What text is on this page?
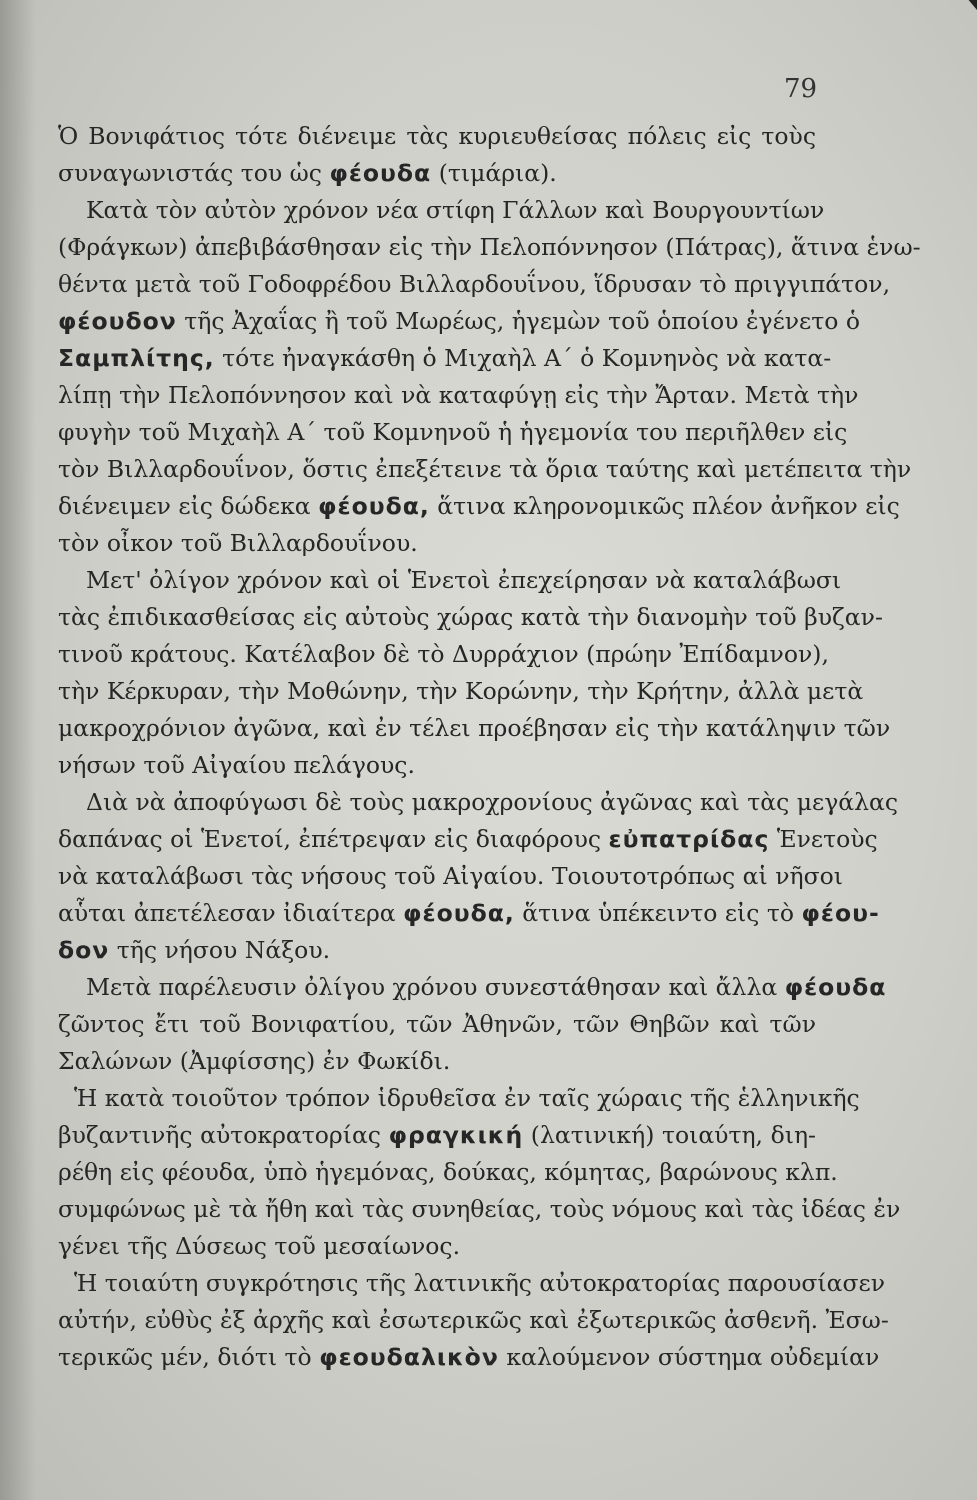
79
Ὁ Βονιφάτιος τότε διένειμε τὰς κυριευθείσας πόλεις εἰς τοὺς
συναγωνιστάς του ὡς φέουδα (τιμάρια).
Κατὰ τὸν αὐτὸν χρόνον νέα στίφη Γάλλων καὶ Βουργουντίων
(Φράγκων) ἀπεβιβάσθησαν εἰς τὴν Πελοπόννησον (Πάτρας), ἅτινα ἑνω-
θέντα μετὰ τοῦ Γοδοφρέδου Βιλλαρδουΐνου, ἵδρυσαν τὸ πριγγιπάτον,
φέουδον τῆς Ἀχαΐας ἢ τοῦ Μωρέως, ἡγεμὼν τοῦ ὁποίου ἐγένετο ὁ
Σαμπλίτης, τότε ἠναγκάσθη ὁ Μιχαὴλ Α΄ ὁ Κομνηνὸς νὰ κατα-
λίπῃ τὴν Πελοπόννησον καὶ νὰ καταφύγῃ εἰς τὴν Ἄρταν. Μετὰ τὴν
φυγὴν τοῦ Μιχαὴλ Α΄ τοῦ Κομνηνοῦ ἡ ἡγεμονία του περιῆλθεν εἰς
τὸν Βιλλαρδουΐνον, ὅστις ἐπεξέτεινε τὰ ὅρια ταύτης καὶ μετέπειτα τὴν
διένειμεν εἰς δώδεκα φέουδα, ἅτινα κληρονομικῶς πλέον ἀνῆκον εἰς
τὸν οἶκον τοῦ Βιλλαρδουΐνου.
Μετ' ὀλίγον χρόνον καὶ οἱ Ἑνετοὶ ἐπεχείρησαν νὰ καταλάβωσι
τὰς ἐπιδικασθείσας εἰς αὐτοὺς χώρας κατὰ τὴν διανομὴν τοῦ βυζαν-
τινοῦ κράτους. Κατέλαβον δὲ τὸ Δυρράχιον (πρώην Ἐπίδαμνον),
τὴν Κέρκυραν, τὴν Μοθώνην, τὴν Κορώνην, τὴν Κρήτην, ἀλλὰ μετὰ
μακροχρόνιον ἀγῶνα, καὶ ἐν τέλει προέβησαν εἰς τὴν κατάληψιν τῶν
νήσων τοῦ Αἰγαίου πελάγους.
Διὰ νὰ ἀποφύγωσι δὲ τοὺς μακροχρονίους ἀγῶνας καὶ τὰς μεγάλας
δαπάνας οἱ Ἑνετοί, ἐπέτρεψαν εἰς διαφόρους εὐπατρίδας Ἑνετοὺς
νὰ καταλάβωσι τὰς νήσους τοῦ Αἰγαίου. Τοιουτοτρόπως αἱ νῆσοι
αὗται ἀπετέλεσαν ἰδιαίτερα φέουδα, ἅτινα ὑπέκειντο εἰς τὸ φέου-
δον τῆς νήσου Νάξου.
Μετὰ παρέλευσιν ὀλίγου χρόνου συνεστάθησαν καὶ ἄλλα φέουδα
ζῶντος ἔτι τοῦ Βονιφατίου, τῶν Ἀθηνῶν, τῶν Θηβῶν καὶ τῶν
Σαλώνων (Ἀμφίσσης) ἐν Φωκίδι.
Ἡ κατὰ τοιοῦτον τρόπον ἱδρυθεῖσα ἐν ταῖς χώραις τῆς ἑλληνικῆς
βυζαντινῆς αὐτοκρατορίας φραγκική (λατινική) τοιαύτη, διη-
ρέθη εἰς φέουδα, ὑπὸ ἡγεμόνας, δούκας, κόμητας, βαρώνους κλπ.
συμφώνως μὲ τὰ ἤθη καὶ τὰς συνηθείας, τοὺς νόμους καὶ τὰς ἰδέας ἐν
γένει τῆς Δύσεως τοῦ μεσαίωνος.
Ἡ τοιαύτη συγκρότησις τῆς λατινικῆς αὐτοκρατορίας παρουσίασεν
αὐτήν, εὐθὺς ἐξ ἀρχῆς καὶ ἐσωτερικῶς καὶ ἐξωτερικῶς ἀσθενῆ. Ἐσω-
τερικῶς μέν, διότι τὸ φεουδαλικὸν καλούμενον σύστημα οὐδεμίαν
